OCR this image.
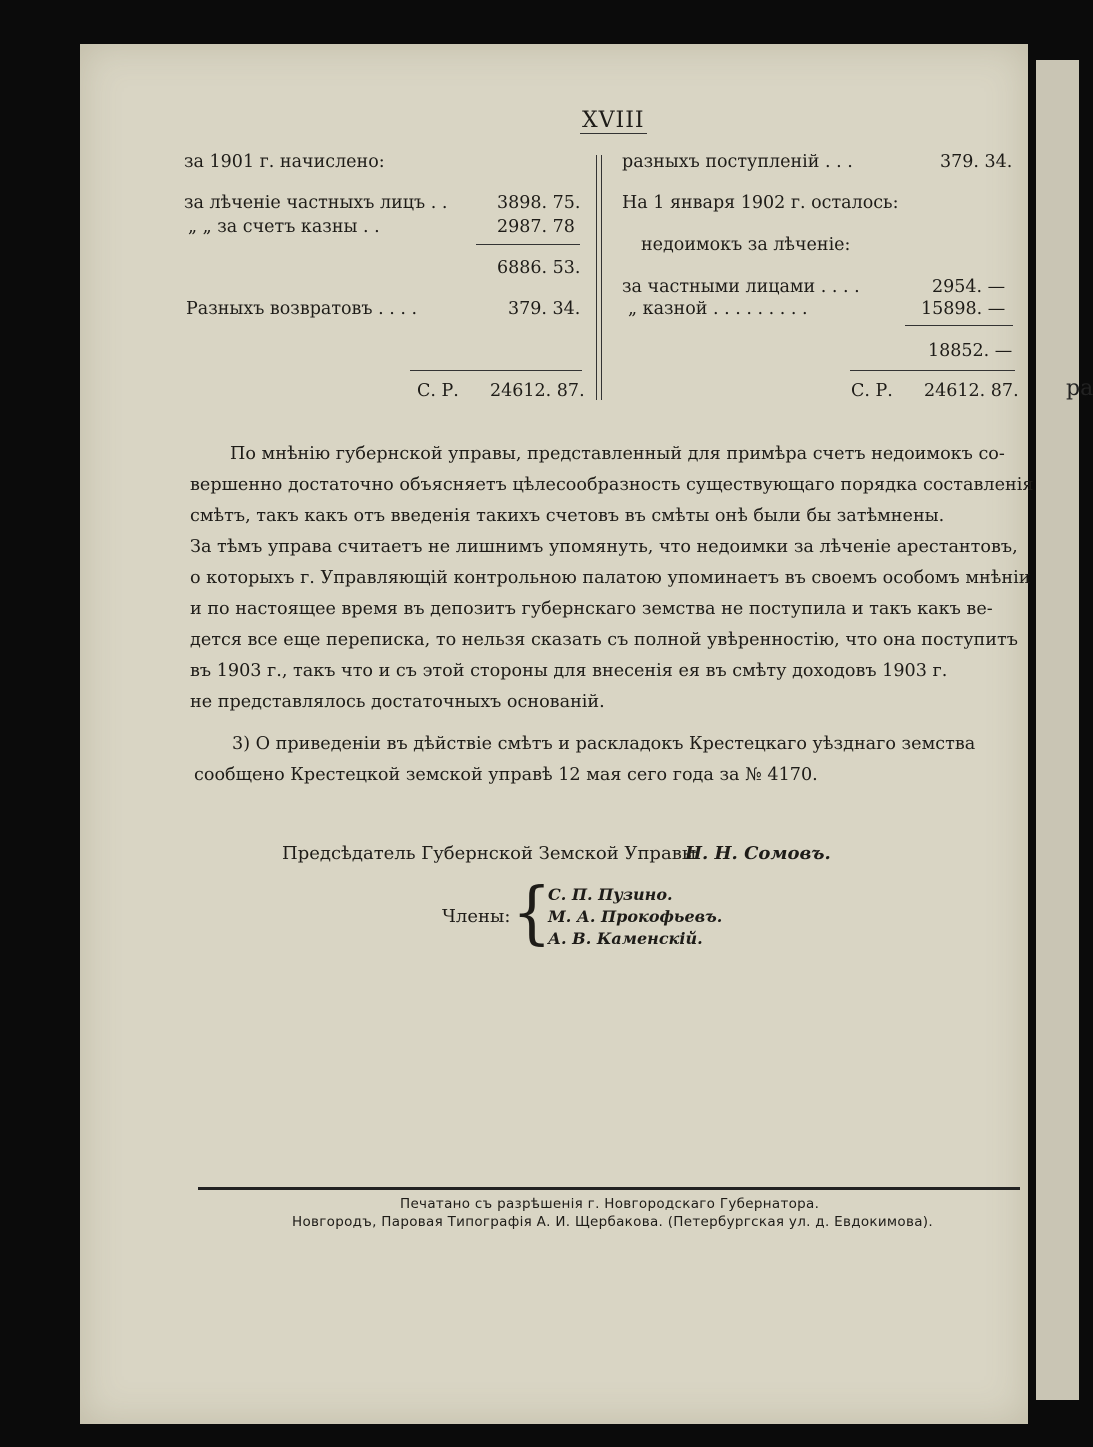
ра
XVIII
за 1901 г. начислено:
за лѣченіе частныхъ лицъ . .	3898. 75.
„ „ за счетъ казны . .	2987. 78
6886. 53.
Разныхъ возвратовъ . . . .	379. 34.
С. Р. 24612. 87.
разныхъ поступленій . . .	379. 34.
На 1 января 1902 г. осталось:
недоимокъ за лѣченіе:
за частными лицами . . . .	2954. —
„ казной . . . . . . . . .	15898. —
18852. —
С. Р. 24612. 87.
По мнѣнію губернской управы, представленный для примѣра счетъ недоимокъ со-
вершенно достаточно объясняетъ цѣлесообразность существующаго порядка составленія
смѣтъ, такъ какъ отъ введенія такихъ счетовъ въ смѣты онѣ были бы затѣмнены.
За тѣмъ управа считаетъ не лишнимъ упомянуть, что недоимки за лѣченіе арестантовъ,
о которыхъ г. Управляющій контрольною палатою упоминаетъ въ своемъ особомъ мнѣніи
и по настоящее время въ депозитъ губернскаго земства не поступила и такъ какъ ве-
дется все еще переписка, то нельзя сказать съ полной увѣренностію, что она поступитъ
въ 1903 г., такъ что и съ этой стороны для внесенія ея въ смѣту доходовъ 1903 г.
не представлялось достаточныхъ основаній.
3) О приведеніи въ дѣйствіе смѣтъ и раскладокъ Крестецкаго уѣзднаго земства
сообщено Крестецкой земской управѣ 12 мая сего года за № 4170.
Предсѣдатель Губернской Земской Управы
Н. Н. Сомовъ.
Члены: {
С. П. Пузино.
М. А. Прокофьевъ.
А. В. Каменскій.
Печатано съ разрѣшенія г. Новгородскаго Губернатора.
Новгородъ, Паровая Типографія А. И. Щербакова. (Петербургская ул. д. Евдокимова).
